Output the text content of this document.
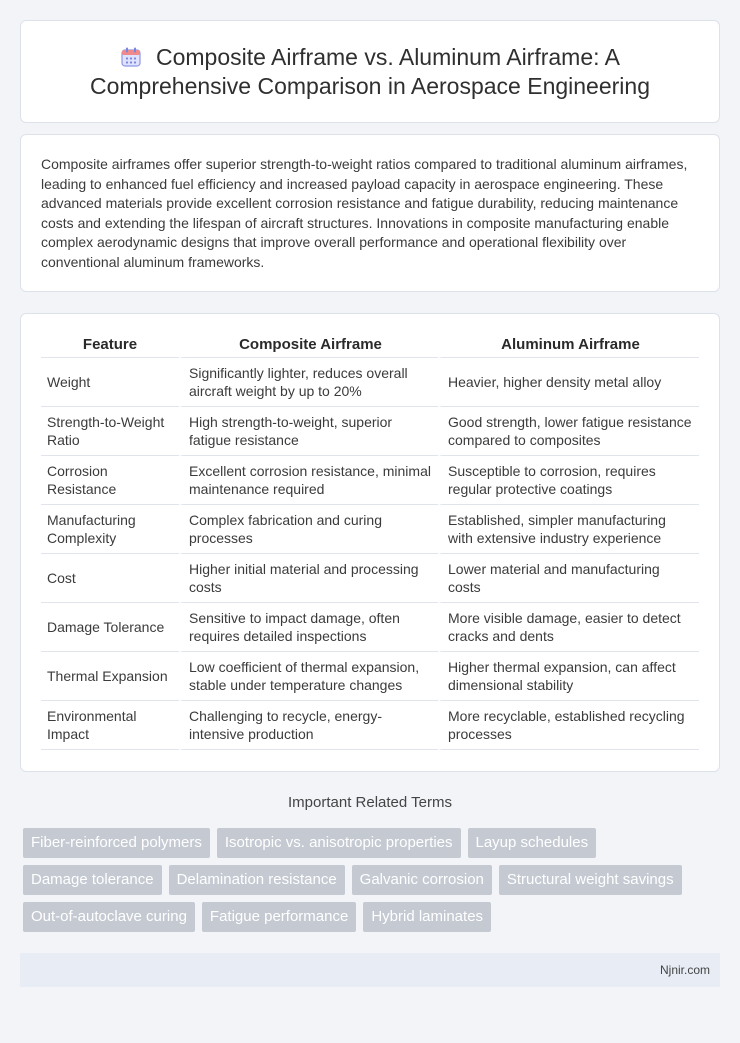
Composite Airframe vs. Aluminum Airframe: A Comprehensive Comparison in Aerospace Engineering

Composite airframes offer superior strength-to-weight ratios compared to traditional aluminum airframes, leading to enhanced fuel efficiency and increased payload capacity in aerospace engineering. These advanced materials provide excellent corrosion resistance and fatigue durability, reducing maintenance costs and extending the lifespan of aircraft structures. Innovations in composite manufacturing enable complex aerodynamic designs that improve overall performance and operational flexibility over conventional aluminum frameworks.

Feature	Composite Airframe	Aluminum Airframe
Weight	Significantly lighter, reduces overall aircraft weight by up to 20%	Heavier, higher density metal alloy
Strength-to-Weight Ratio	High strength-to-weight, superior fatigue resistance	Good strength, lower fatigue resistance compared to composites
Corrosion Resistance	Excellent corrosion resistance, minimal maintenance required	Susceptible to corrosion, requires regular protective coatings
Manufacturing Complexity	Complex fabrication and curing processes	Established, simpler manufacturing with extensive industry experience
Cost	Higher initial material and processing costs	Lower material and manufacturing costs
Damage Tolerance	Sensitive to impact damage, often requires detailed inspections	More visible damage, easier to detect cracks and dents
Thermal Expansion	Low coefficient of thermal expansion, stable under temperature changes	Higher thermal expansion, can affect dimensional stability
Environmental Impact	Challenging to recycle, energy-intensive production	More recyclable, established recycling processes
Important Related Terms
Fiber-reinforced polymers	Isotropic vs. anisotropic properties	Layup schedules
Damage tolerance	Delamination resistance	Galvanic corrosion	Structural weight savings
Out-of-autoclave curing	Fatigue performance	Hybrid laminates
Njnir.com
